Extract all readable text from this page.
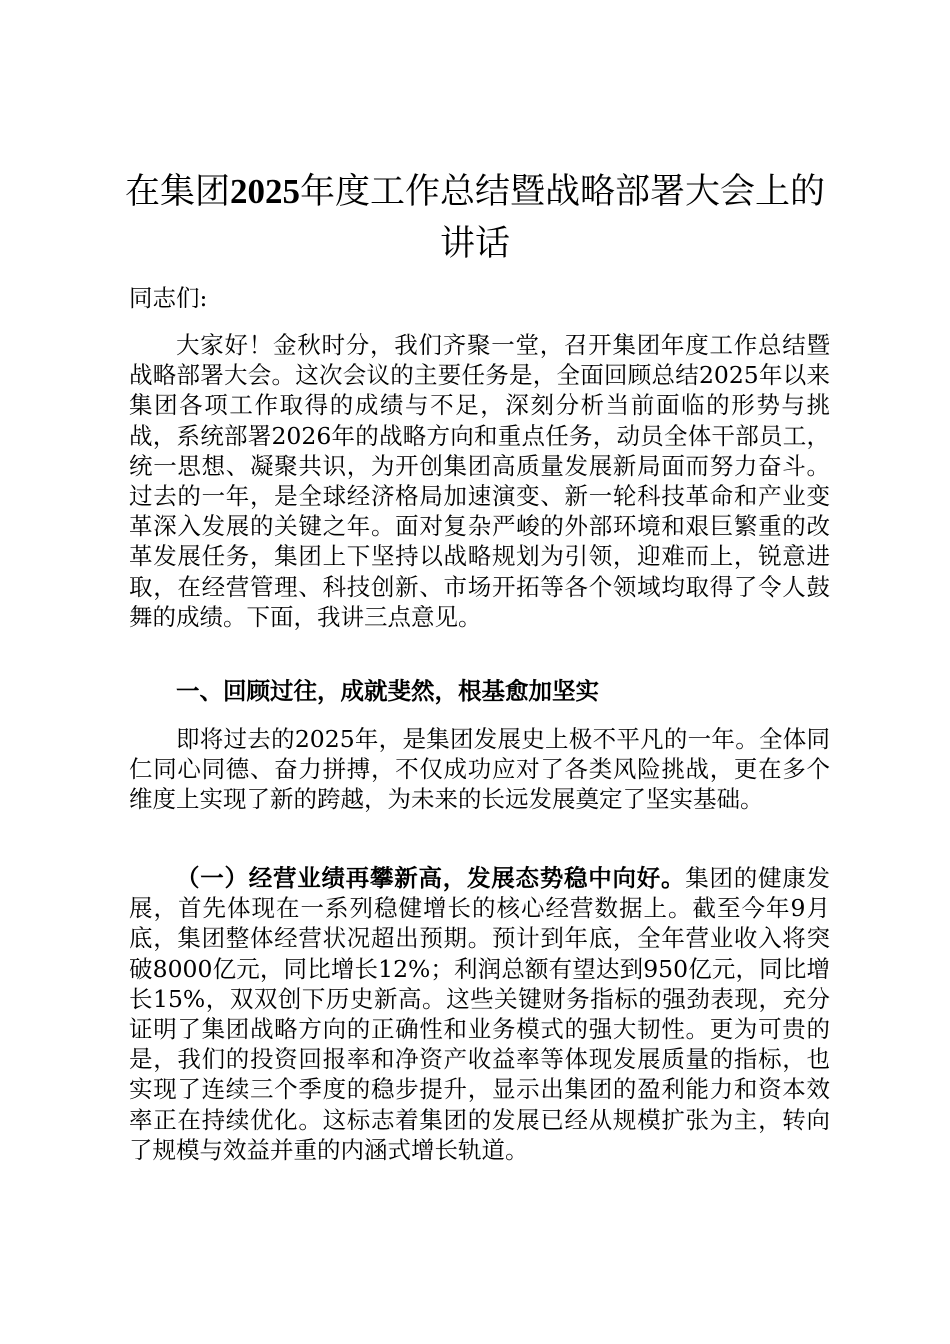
在集团2025年度工作总结暨战略部署大会上的讲话

同志们:

大家好！金秋时分，我们齐聚一堂，召开集团年度工作总结暨战略部署大会。这次会议的主要任务是，全面回顾总结2025年以来集团各项工作取得的成绩与不足，深刻分析当前面临的形势与挑战，系统部署2026年的战略方向和重点任务，动员全体干部员工，统一思想、凝聚共识，为开创集团高质量发展新局面而努力奋斗。过去的一年，是全球经济格局加速演变、新一轮科技革命和产业变革深入发展的关键之年。面对复杂严峻的外部环境和艰巨繁重的改革发展任务，集团上下坚持以战略规划为引领，迎难而上，锐意进取，在经营管理、科技创新、市场开拓等各个领域均取得了令人鼓舞的成绩。下面，我讲三点意见。

一、回顾过往，成就斐然，根基愈加坚实

即将过去的2025年，是集团发展史上极不平凡的一年。全体同仁同心同德、奋力拼搏，不仅成功应对了各类风险挑战，更在多个维度上实现了新的跨越，为未来的长远发展奠定了坚实基础。

（一）经营业绩再攀新高，发展态势稳中向好。集团的健康发展，首先体现在一系列稳健增长的核心经营数据上。截至今年9月底，集团整体经营状况超出预期。预计到年底，全年营业收入将突破8000亿元，同比增长12%；利润总额有望达到950亿元，同比增长15%，双双创下历史新高。这些关键财务指标的强劲表现，充分证明了集团战略方向的正确性和业务模式的强大韧性。更为可贵的是，我们的投资回报率和净资产收益率等体现发展质量的指标，也实现了连续三个季度的稳步提升，显示出集团的盈利能力和资本效率正在持续优化。这标志着集团的发展已经从规模扩张为主，转向了规模与效益并重的内涵式增长轨道。
